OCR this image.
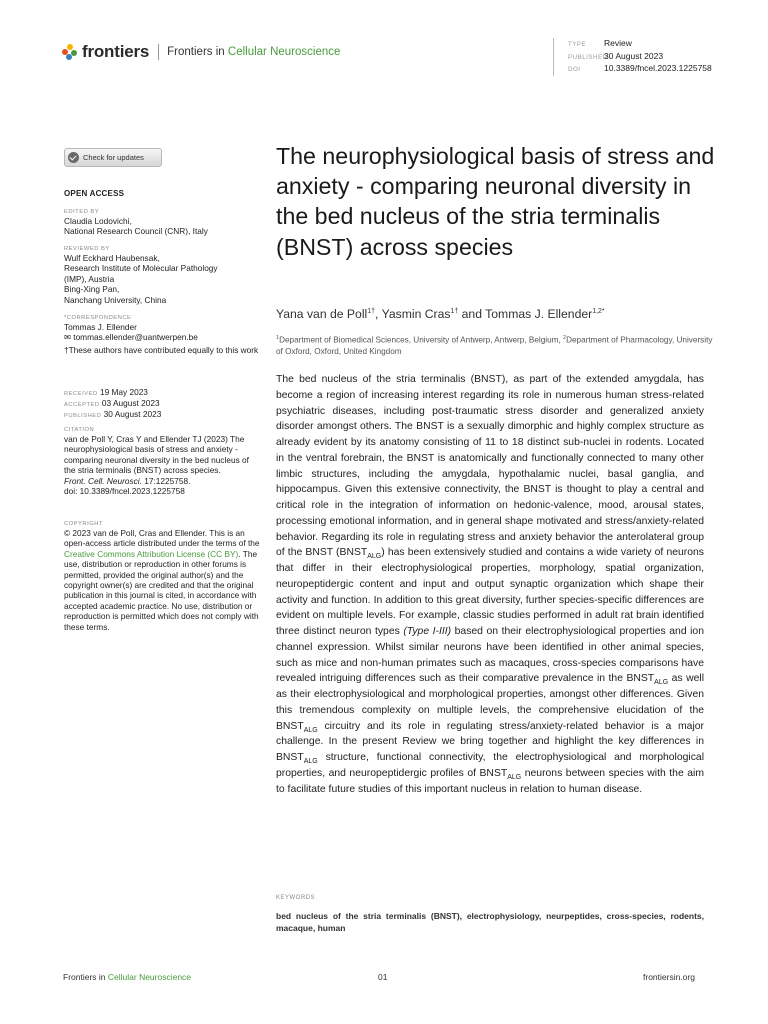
frontiers Frontiers in Cellular Neuroscience
TYPE Review
PUBLISHED30 August 2023
DOI	10.3389/fncel.2023.1225758
Check for updates
OPEN ACCESS
EDITED BY
Claudia Lodovichi,
National Research Council (CNR), Italy
REVIEWED BY
Wulf Eckhard Haubensak,
Research Institute of Molecular Pathology
(IMP), Austria
Bing-Xing Pan,
Nanchang University, China
*CORRESPONDENCE
Tommas J. Ellender
✉ tommas.ellender@uantwerpen.be
†These authors have contributed equally to this work
RECEIVED 19 May 2023
ACCEPTED 03 August 2023
PUBLISHED 30 August 2023
CITATION
van de Poll Y, Cras Y and Ellender TJ (2023) The neurophysiological basis of stress and anxiety - comparing neuronal diversity in the bed nucleus of the stria terminalis (BNST) across species.
Front. Cell. Neurosci. 17:1225758.
doi: 10.3389/fncel.2023.1225758
COPYRIGHT
© 2023 van de Poll, Cras and Ellender. This is an open-access article distributed under the terms of the Creative Commons Attribution License (CC BY). The use, distribution or reproduction in other forums is permitted, provided the original author(s) and the copyright owner(s) are credited and that the original publication in this journal is cited, in accordance with accepted academic practice. No use, distribution or reproduction is permitted which does not comply with these terms.
The neurophysiological basis of stress and anxiety - comparing neuronal diversity in the bed nucleus of the stria terminalis (BNST) across species
Yana van de Poll$^{1\dagger}$, Yasmin Cras$^{1\dagger}$ and Tommas J. Ellender$^{1,2*}$
$^1$Department of Biomedical Sciences, University of Antwerp, Antwerp, Belgium, $^2$Department of Pharmacology, University of Oxford, Oxford, United Kingdom
The bed nucleus of the stria terminalis (BNST), as part of the extended amygdala, has become a region of increasing interest regarding its role in numerous human stress-related psychiatric diseases, including post-traumatic stress disorder and generalized anxiety disorder amongst others. The BNST is a sexually dimorphic and highly complex structure as already evident by its anatomy consisting of 11 to 18 distinct sub-nuclei in rodents. Located in the ventral forebrain, the BNST is anatomically and functionally connected to many other limbic structures, including the amygdala, hypothalamic nuclei, basal ganglia, and hippocampus. Given this extensive connectivity, the BNST is thought to play a central and critical role in the integration of information on hedonic-valence, mood, arousal states, processing emotional information, and in general shape motivated and stress/anxiety-related behavior. Regarding its role in regulating stress and anxiety behavior the anterolateral group of the BNST $(BNST_{ALG})$ has been extensively studied and contains a wide variety of neurons that differ in their electrophysiological properties, morphology, spatial organization, neuropeptidergic content and input and output synaptic organization which shape their activity and function. In addition to this great diversity, further species-specific differences are evident on multiple levels. For example, classic studies performed in adult rat brain identified three distinct neuron types (Type I-III) based on their electrophysiological properties and ion channel expression. Whilst similar neurons have been identified in other animal species, such as mice and non-human primates such as macaques, cross-species comparisons have revealed intriguing differences such as their comparative prevalence in the $BNST_{ALG}$ as well as their electrophysiological and morphological properties, amongst other differences. Given this tremendous complexity on multiple levels, the comprehensive elucidation of the $BNST_{ALG}$ circuitry and its role in regulating stress/anxiety-related behavior is a major challenge. In the present Review we bring together and highlight the key differences in $BNST_{ALG}$ structure, functional connectivity, the electrophysiological and morphological properties, and neuropeptidergic profiles of $BNST_{ALG}$ neurons between species with the aim to facilitate future studies of this important nucleus in relation to human disease.
KEYWORDS
bed nucleus of the stria terminalis (BNST), electrophysiology, neurpeptides, cross-species, rodents, macaque, human
Frontiers in Cellular Neuroscience	01	frontiersin.org
